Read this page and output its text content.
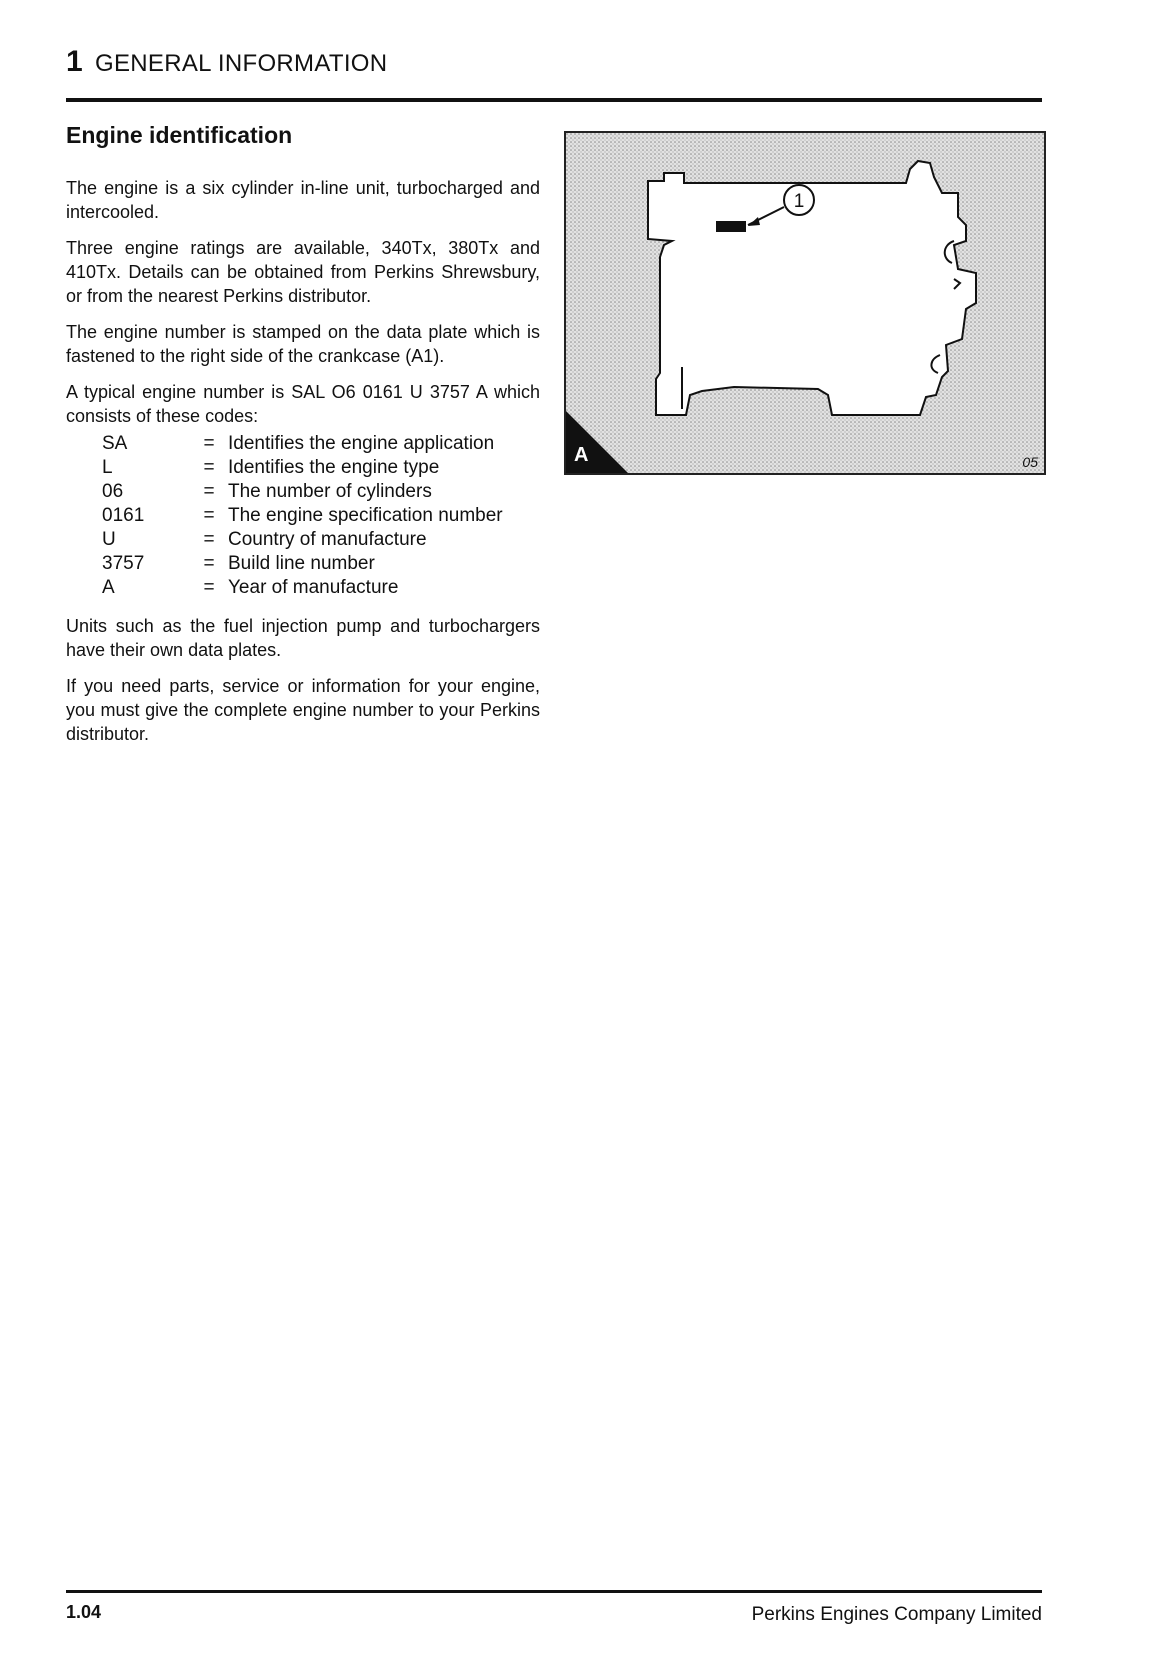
1 GENERAL INFORMATION
Engine identification

The engine is a six cylinder in-line unit, turbocharged and intercooled.

Three engine ratings are available, 340Tx, 380Tx and 410Tx. Details can be obtained from Perkins Shrewsbury, or from the nearest Perkins distributor.

The engine number is stamped on the data plate which is fastened to the right side of the crankcase (A1).

A typical engine number is SAL O6 0161 U 3757 A which consists of these codes:

SA	=	Identifies the engine application
L	=	Identifies the engine type
06	=	The number of cylinders
0161	=	The engine specification number
U	=	Country of manufacture
3757	=	Build line number
A	=	Year of manufacture

Units such as the fuel injection pump and turbochargers have their own data plates.

If you need parts, service or information for your engine, you must give the complete engine number to your Perkins distributor.

1
A	05
1.04	Perkins Engines Company Limited
